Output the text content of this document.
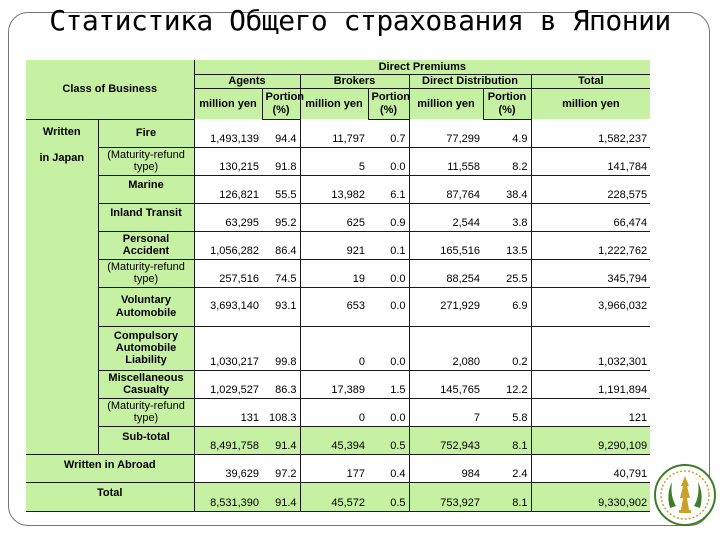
Статистика Общего страхования в Японии
Class of Business		Direct Premiums						
		Agents		Brokers		Direct Distribution		Total
		million yen	Portion (%)	million yen	Portion (%)	million yen	Portion (%)	million yen

Written
in Japan	Fire	1,493,139	94.4	11,797	0.7	77,299	4.9	1,582,237
	(Maturity-refund type)	130,215	91.8	5	0.0	11,558	8.2	141,784
	Marine	126,821	55.5	13,982	6.1	87,764	38.4	228,575
	Inland Transit	63,295	95.2	625	0.9	2,544	3.8	66,474
	Personal Accident	1,056,282	86.4	921	0.1	165,516	13.5	1,222,762
	(Maturity-refund type)	257,516	74.5	19	0.0	88,254	25.5	345,794
	Voluntary Automobile	3,693,140	93.1	653	0.0	271,929	6.9	3,966,032
	Compulsory Automobile Liability	1,030,217	99.8	0	0.0	2,080	0.2	1,032,301
	Miscellaneous Casualty	1,029,527	86.3	17,389	1.5	145,765	12.2	1,191,894
	(Maturity-refund type)	131	108.3	0	0.0	7	5.8	121
	Sub-total	8,491,758	91.4	45,394	0.5	752,943	8.1	9,290,109
Written in Abroad		39,629	97.2	177	0.4	984	2.4	40,791
Total		8,531,390	91.4	45,572	0.5	753,927	8.1	9,330,902
